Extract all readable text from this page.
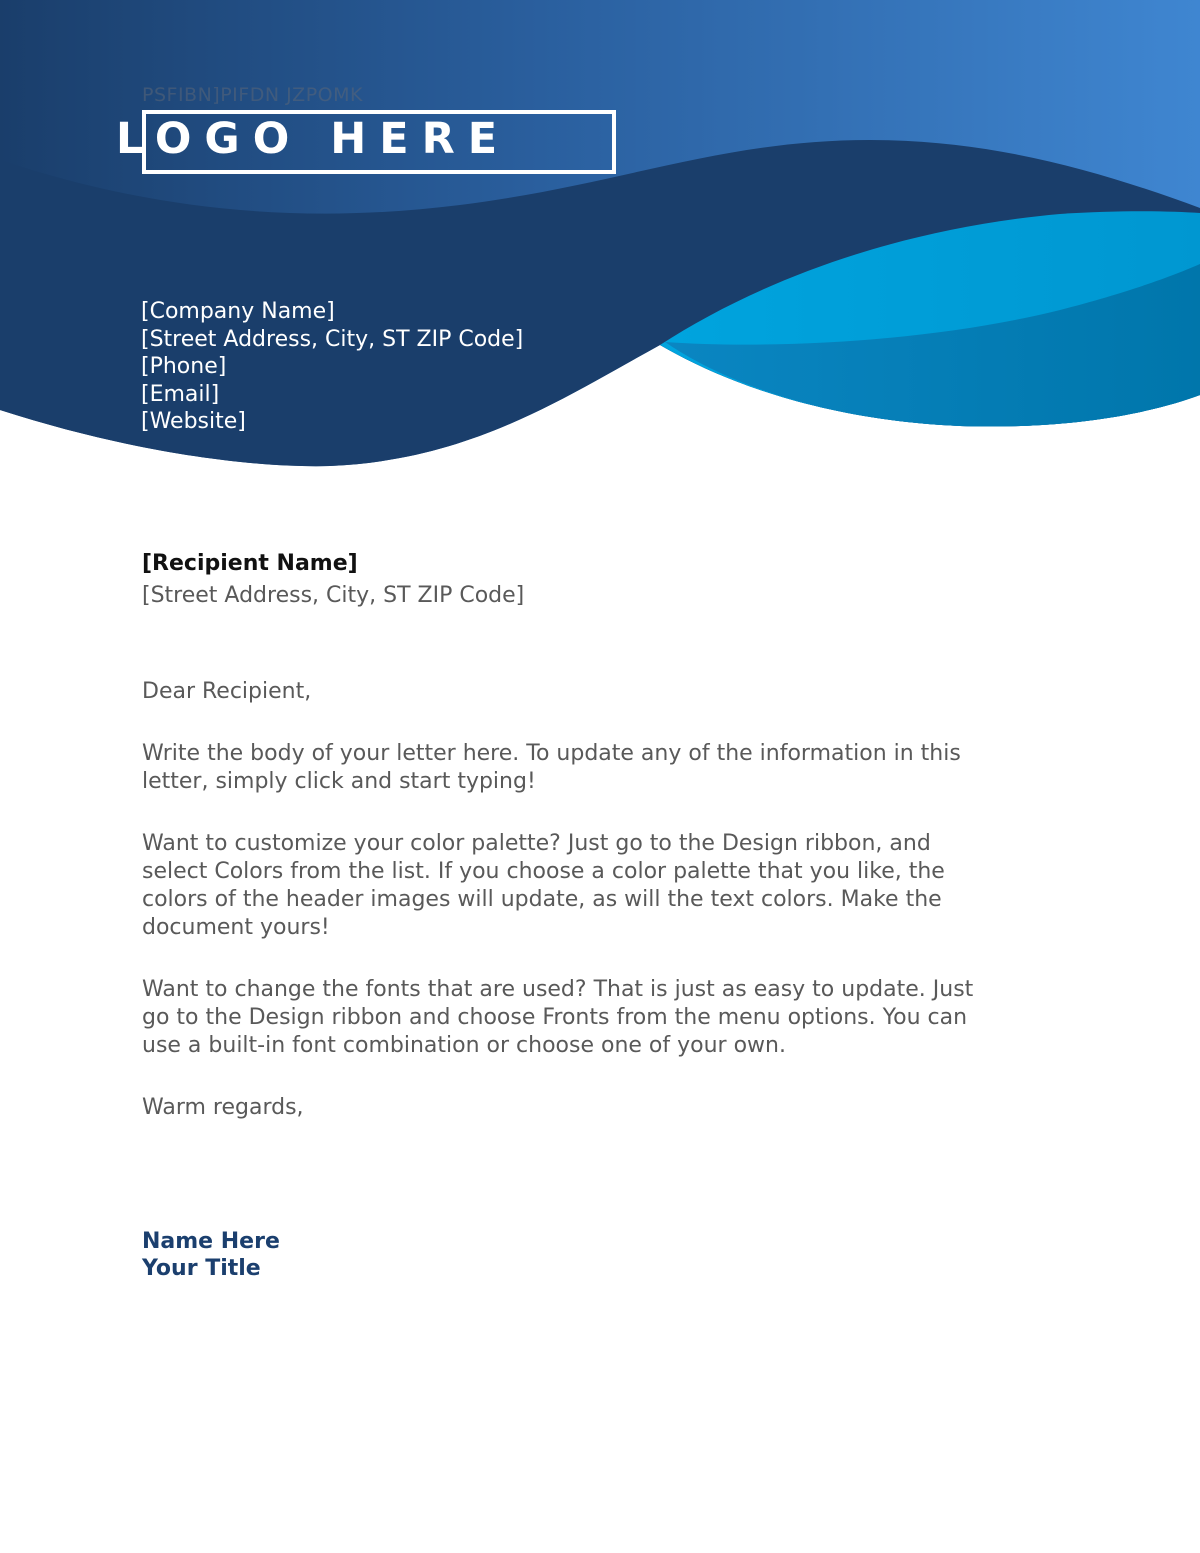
PSFIBN]PIFDN JZPOMK
LOGO HERE
[Company Name]
[Street Address, City, ST ZIP Code]
[Phone]
[Email]
[Website]
[Recipient Name]
[Street Address, City, ST ZIP Code]

Dear Recipient,

Write the body of your letter here. To update any of the information in this
letter, simply click and start typing!

Want to customize your color palette? Just go to the Design ribbon, and
select Colors from the list. If you choose a color palette that you like, the
colors of the header images will update, as will the text colors. Make the
document yours!

Want to change the fonts that are used? That is just as easy to update. Just
go to the Design ribbon and choose Fronts from the menu options. You can
use a built-in font combination or choose one of your own.

Warm regards,

Name Here
Your Title
